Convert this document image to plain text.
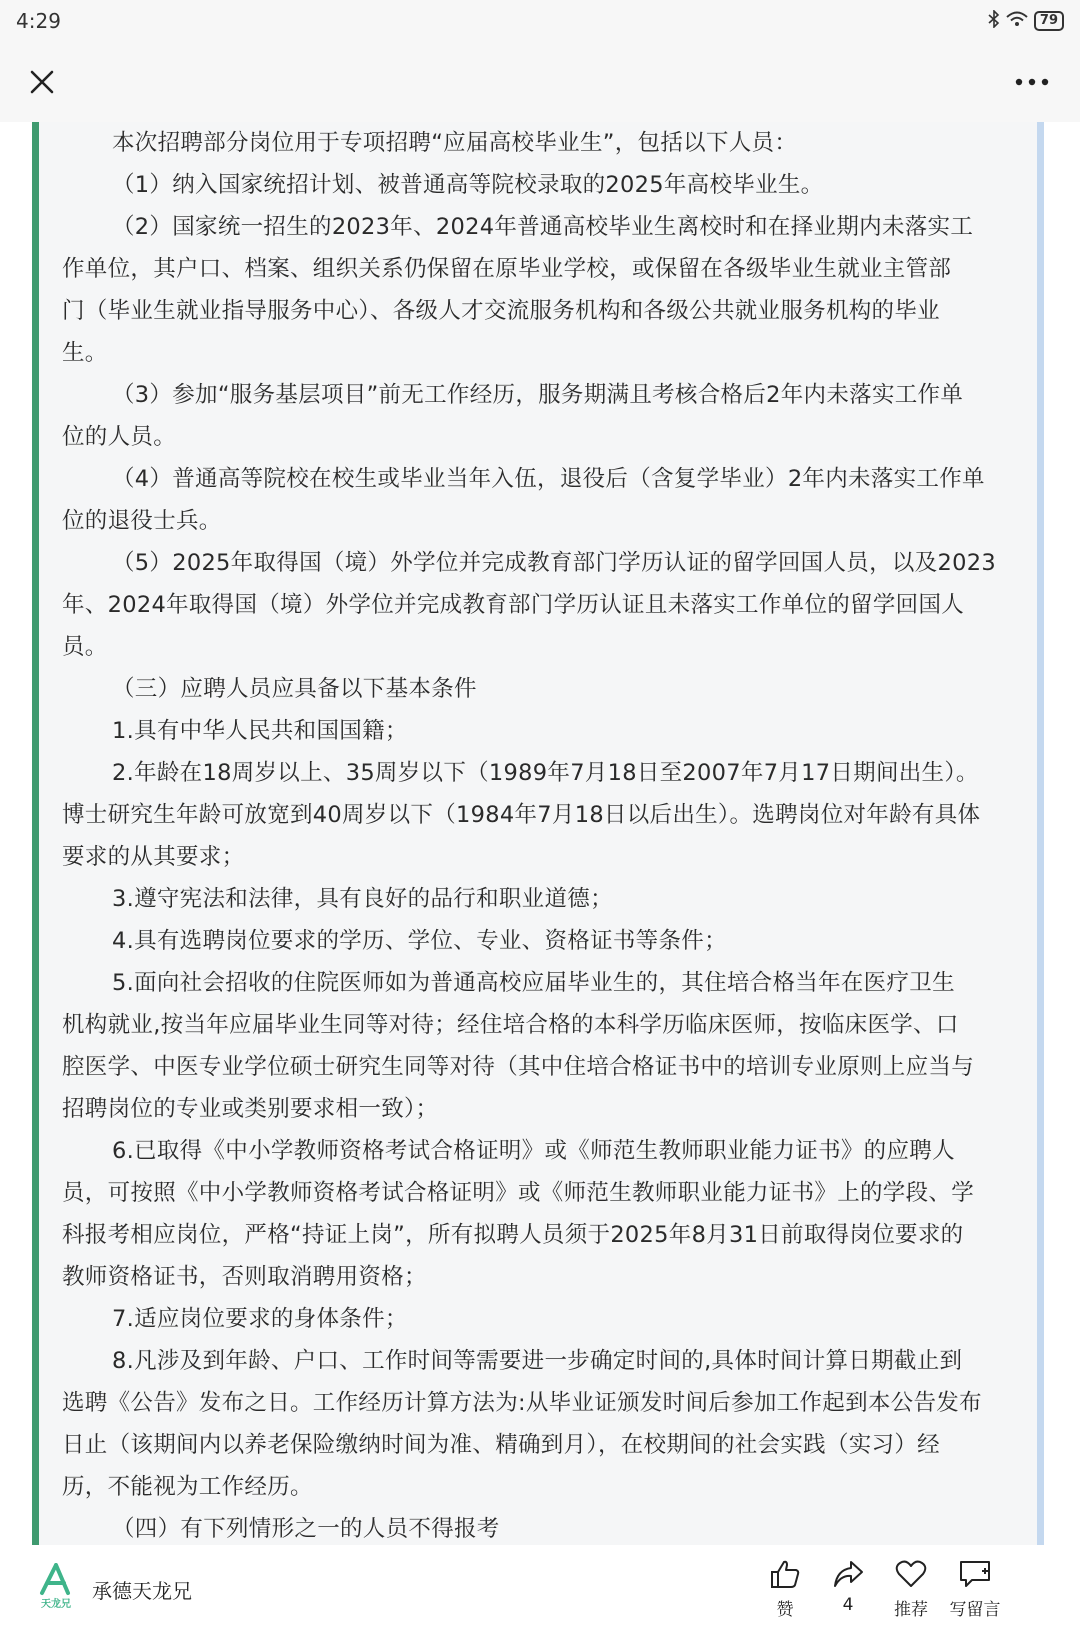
4:29	79
本次招聘部分岗位用于专项招聘“应届高校毕业生”，包括以下人员：
（1）纳入国家统招计划、被普通高等院校录取的2025年高校毕业生。
（2）国家统一招生的2023年、2024年普通高校毕业生离校时和在择业期内未落实工
作单位，其户口、档案、组织关系仍保留在原毕业学校，或保留在各级毕业生就业主管部
门（毕业生就业指导服务中心）、各级人才交流服务机构和各级公共就业服务机构的毕业
生。
（3）参加“服务基层项目”前无工作经历，服务期满且考核合格后2年内未落实工作单
位的人员。
（4）普通高等院校在校生或毕业当年入伍，退役后（含复学毕业）2年内未落实工作单
位的退役士兵。
（5）2025年取得国（境）外学位并完成教育部门学历认证的留学回国人员，以及2023
年、2024年取得国（境）外学位并完成教育部门学历认证且未落实工作单位的留学回国人
员。
（三）应聘人员应具备以下基本条件
1.具有中华人民共和国国籍；
2.年龄在18周岁以上、35周岁以下（1989年7月18日至2007年7月17日期间出生）。
博士研究生年龄可放宽到40周岁以下（1984年7月18日以后出生）。选聘岗位对年龄有具体
要求的从其要求；
3.遵守宪法和法律，具有良好的品行和职业道德；
4.具有选聘岗位要求的学历、学位、专业、资格证书等条件；
5.面向社会招收的住院医师如为普通高校应届毕业生的，其住培合格当年在医疗卫生
机构就业,按当年应届毕业生同等对待；经住培合格的本科学历临床医师，按临床医学、口
腔医学、中医专业学位硕士研究生同等对待（其中住培合格证书中的培训专业原则上应当与
招聘岗位的专业或类别要求相一致）；
6.已取得《中小学教师资格考试合格证明》或《师范生教师职业能力证书》的应聘人
员，可按照《中小学教师资格考试合格证明》或《师范生教师职业能力证书》上的学段、学
科报考相应岗位，严格“持证上岗”，所有拟聘人员须于2025年8月31日前取得岗位要求的
教师资格证书，否则取消聘用资格；
7.适应岗位要求的身体条件；
8.凡涉及到年龄、户口、工作时间等需要进一步确定时间的,具体时间计算日期截止到
选聘《公告》发布之日。工作经历计算方法为:从毕业证颁发时间后参加工作起到本公告发布
日止（该期间内以养老保险缴纳时间为准、精确到月），在校期间的社会实践（实习）经
历，不能视为工作经历。
（四）有下列情形之一的人员不得报考
天龙兄
承德天龙兄
赞	4	推荐	写留言
